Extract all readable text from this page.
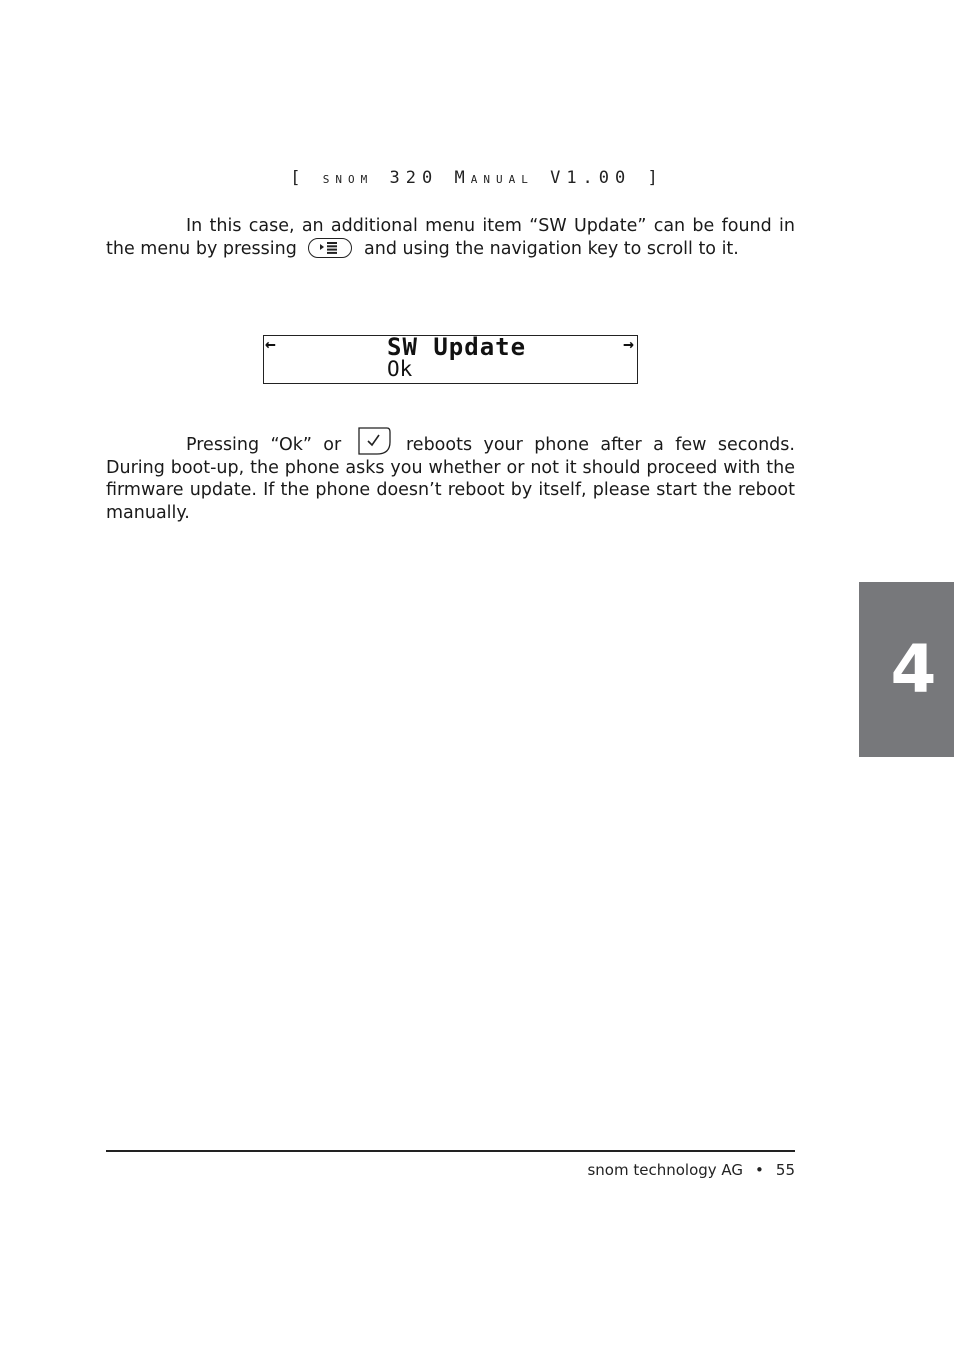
[ SNOM 320 MANUAL V1.00 ]

In this case, an additional menu item “SW Update” can be found in the menu by pressing	and using the navigation key to scroll to it.

←	SW Update
Ok
→

Pressing “Ok” or	reboots your phone after a few seconds. During boot-up, the phone asks you whether or not it should proceed with the firmware update. If the phone doesn’t reboot by itself, please start the reboot manually.

4
snom technology AG • 55
